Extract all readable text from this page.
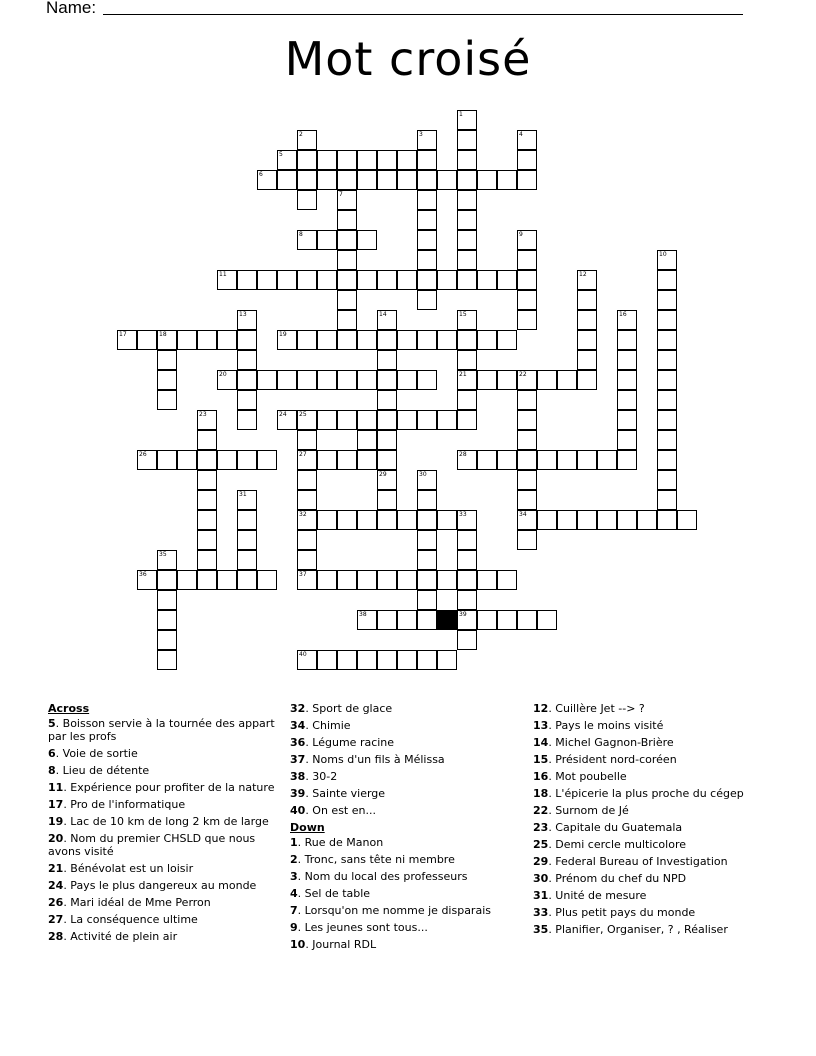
Name:
Mot croisé
1
2	3	4
5
6
8	9
10
11	12
13	14	15	16
17	18	19
20	21	22
24 25
26	27	28
29	30
31
32	33	34
35
36	37
38	39
40
7
23
Across
5. Boisson servie à la tournée des appart par les profs
6. Voie de sortie
8. Lieu de détente
11. Expérience pour profiter de la nature
17. Pro de l'informatique
19. Lac de 10 km de long 2 km de large
20. Nom du premier CHSLD que nous avons visité
21. Bénévolat est un loisir
24. Pays le plus dangereux au monde
26. Mari idéal de Mme Perron
27. La conséquence ultime
28. Activité de plein air
32. Sport de glace
34. Chimie
36. Légume racine
37. Noms d'un fils à Mélissa
38. 30-2
39. Sainte vierge
40. On est en...
Down
1. Rue de Manon
2. Tronc, sans tête ni membre
3. Nom du local des professeurs
4. Sel de table
7. Lorsqu'on me nomme je disparais
9. Les jeunes sont tous...
10. Journal RDL
12. Cuillère Jet --> ?
13. Pays le moins visité
14. Michel Gagnon-Brière
15. Président nord-coréen
16. Mot poubelle
18. L'épicerie la plus proche du cégep
22. Surnom de Jé
23. Capitale du Guatemala
25. Demi cercle multicolore
29. Federal Bureau of Investigation
30. Prénom du chef du NPD
31. Unité de mesure
33. Plus petit pays du monde
35. Planifier, Organiser, ? , Réaliser
